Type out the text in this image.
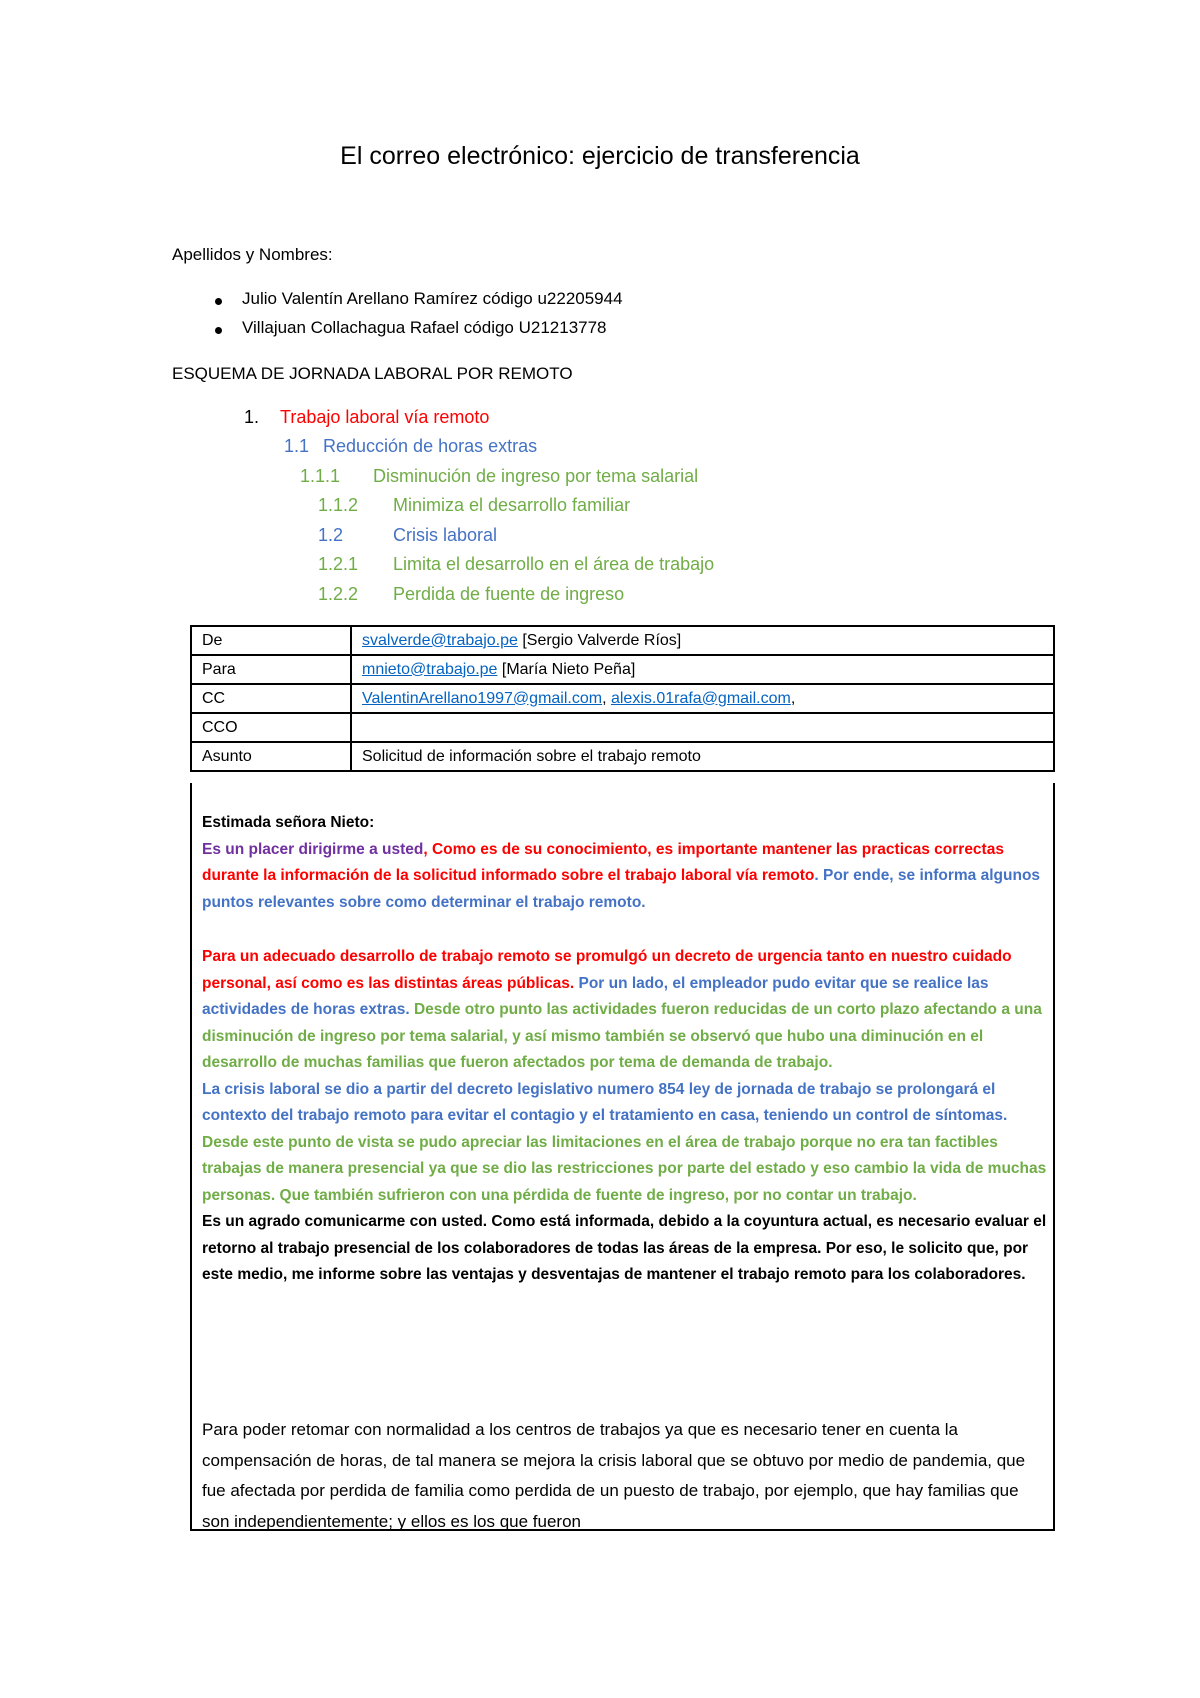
El correo electrónico: ejercicio de transferencia
Apellidos y Nombres:
Julio Valentín Arellano Ramírez código u22205944
Villajuan Collachagua Rafael código U21213778
ESQUEMA DE JORNADA LABORAL POR REMOTO
1. Trabajo laboral vía remoto
1.1 Reducción de horas extras
1.1.1 Disminución de ingreso por tema salarial
1.1.2 Minimiza el desarrollo familiar
1.2	Crisis laboral
1.2.1 Limita el desarrollo en el área de trabajo
1.2.2 Perdida de fuente de ingreso
De	svalverde@trabajo.pe [Sergio Valverde Ríos]
Para	mnieto@trabajo.pe [María Nieto Peña]
CC	ValentinArellano1997@gmail.com, alexis.01rafa@gmail.com,
CCO	
Asunto	Solicitud de información sobre el trabajo remoto

Estimada señora Nieto:

Es un placer dirigirme a usted, Como es de su conocimiento, es importante mantener las practicas correctas durante la información de la solicitud informado sobre el trabajo laboral vía remoto. Por ende, se informa algunos puntos relevantes sobre como determinar el trabajo remoto.

Para un adecuado desarrollo de trabajo remoto se promulgó un decreto de urgencia tanto en nuestro cuidado personal, así como es las distintas áreas públicas. Por un lado, el empleador pudo evitar que se realice las actividades de horas extras. Desde otro punto las actividades fueron reducidas de un corto plazo afectando a una disminución de ingreso por tema salarial, y así mismo también se observó que hubo una diminución en el desarrollo de muchas familias que fueron afectados por tema de demanda de trabajo.

La crisis laboral se dio a partir del decreto legislativo numero 854 ley de jornada de trabajo se prolongará el contexto del trabajo remoto para evitar el contagio y el tratamiento en casa, teniendo un control de síntomas.

Desde este punto de vista se pudo apreciar las limitaciones en el área de trabajo porque no era tan factibles trabajas de manera presencial ya que se dio las restricciones por parte del estado y eso cambio la vida de muchas personas. Que también sufrieron con una pérdida de fuente de ingreso, por no contar un trabajo.

Es un agrado comunicarme con usted. Como está informada, debido a la coyuntura actual, es necesario evaluar el retorno al trabajo presencial de los colaboradores de todas las áreas de la empresa. Por eso, le solicito que, por este medio, me informe sobre las ventajas y desventajas de mantener el trabajo remoto para los colaboradores.

Para poder retomar con normalidad a los centros de trabajos ya que es necesario tener en cuenta la compensación de horas, de tal manera se mejora la crisis laboral que se obtuvo por medio de pandemia, que fue afectada por perdida de familia como perdida de un puesto de trabajo, por ejemplo, que hay familias que son independientemente; y ellos es los que fueron
